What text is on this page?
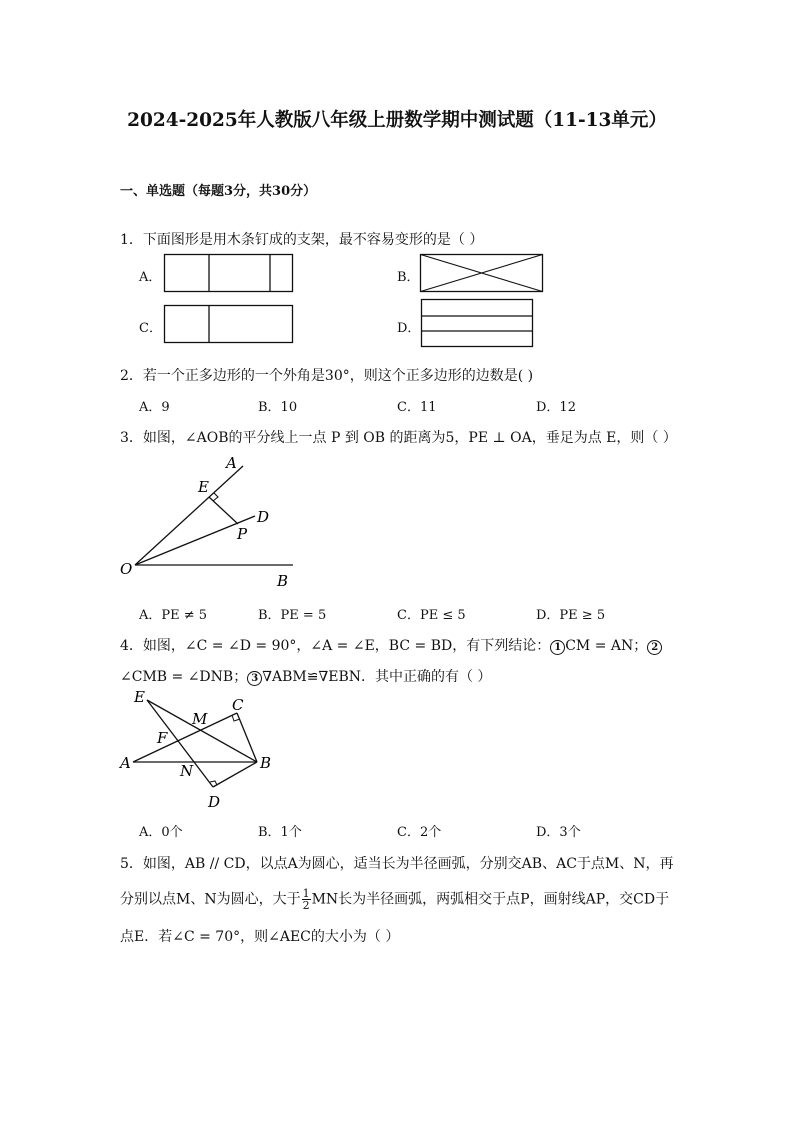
2024-2025年人教版八年级上册数学期中测试题（11-13单元）
一、单选题（每题3分，共30分）
1．下面图形是用木条钉成的支架，最不容易变形的是（ ）
A．	B．
C．	D．
2．若一个正多边形的一个外角是30°，则这个正多边形的边数是( )
A．9	B．10	C．11	D．12
3．如图，∠AOB的平分线上一点 P 到 OB 的距离为5，PE ⊥ OA，垂足为点 E，则（ ）
A
E
D
P
O
B
A．PE ≠ 5	B．PE = 5	C．PE ≤ 5	D．PE ≥ 5
4．如图，∠C = ∠D = 90°，∠A = ∠E，BC = BD，有下列结论： 1 CM = AN； 2
∠CMB = ∠DNB； 3 ∇ABM≌∇EBN．其中正确的有（ ）
E	C
M
F
A	N	B
D
A．0个	B．1个	C．2个	D．3个
5．如图，AB // CD，以点A为圆心，适当长为半径画弧，分别交AB、AC于点M、N，再
分别以点M、N为圆心，大于 $\frac{1}{2}$ MN长为半径画弧，两弧相交于点P，画射线AP，交CD于
点E．若∠C = 70°，则∠AEC的大小为（ ）
